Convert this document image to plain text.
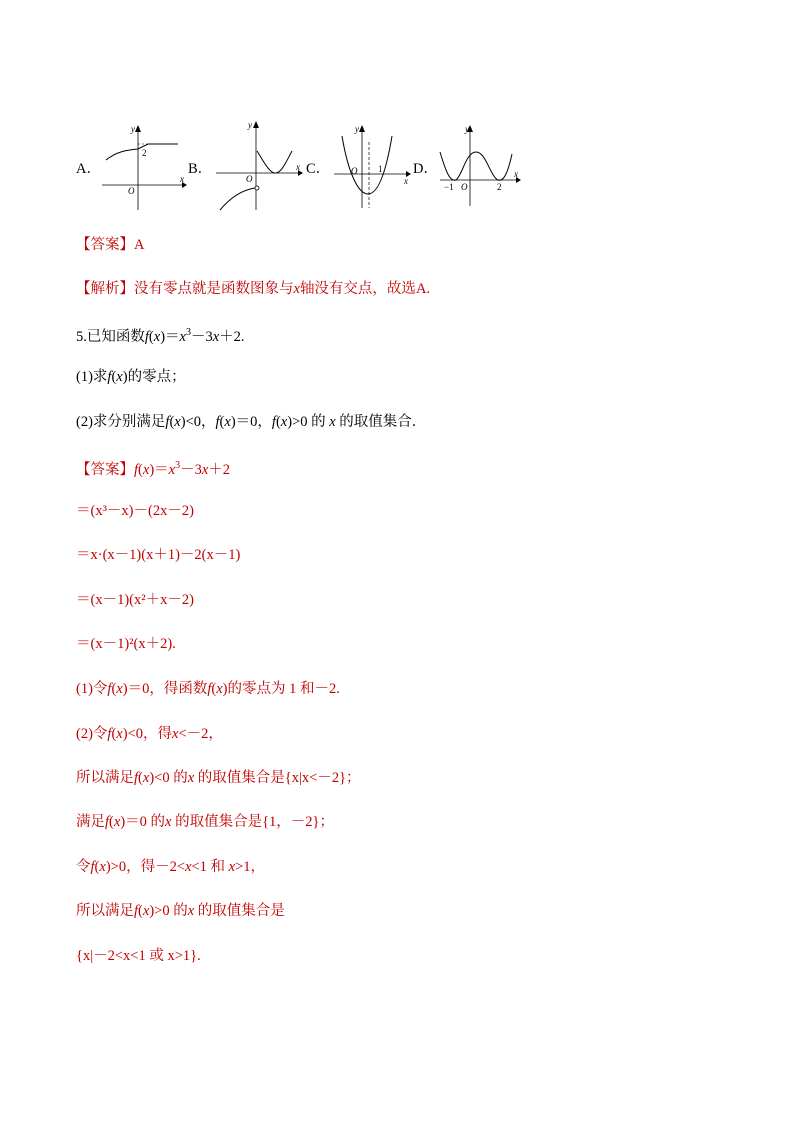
A．
y
x
O
2
B．
y
x
O
C．
y
x
O 1 D．
y
x
O
−1	2
【答案】A
【解析】没有零点就是函数图象与x轴没有交点，故选A.
5.已知函数$f(x)=x^3-3x+2$.
(1)求f(x)的零点；
(2)求分别满足f(x)<0，f(x)＝0，f(x)>0 的 x 的取值集合．
【答案】$f(x)=x^3-3x+2$
＝(x³－x)－(2x－2)
＝x·(x－1)(x＋1)－2(x－1)
＝(x－1)(x²＋x－2)
＝(x－1)²(x＋2).
(1)令f(x)＝0，得函数f(x)的零点为 1 和－2.
(2)令f(x)<0，得x<－2，
所以满足f(x)<0 的x 的取值集合是{x|x<－2}；
满足f(x)＝0 的x 的取值集合是{1，－2}；
令f(x)>0，得－2<x<1 和 x>1，
所以满足f(x)>0 的x 的取值集合是
{x|－2<x<1 或 x>1}.
